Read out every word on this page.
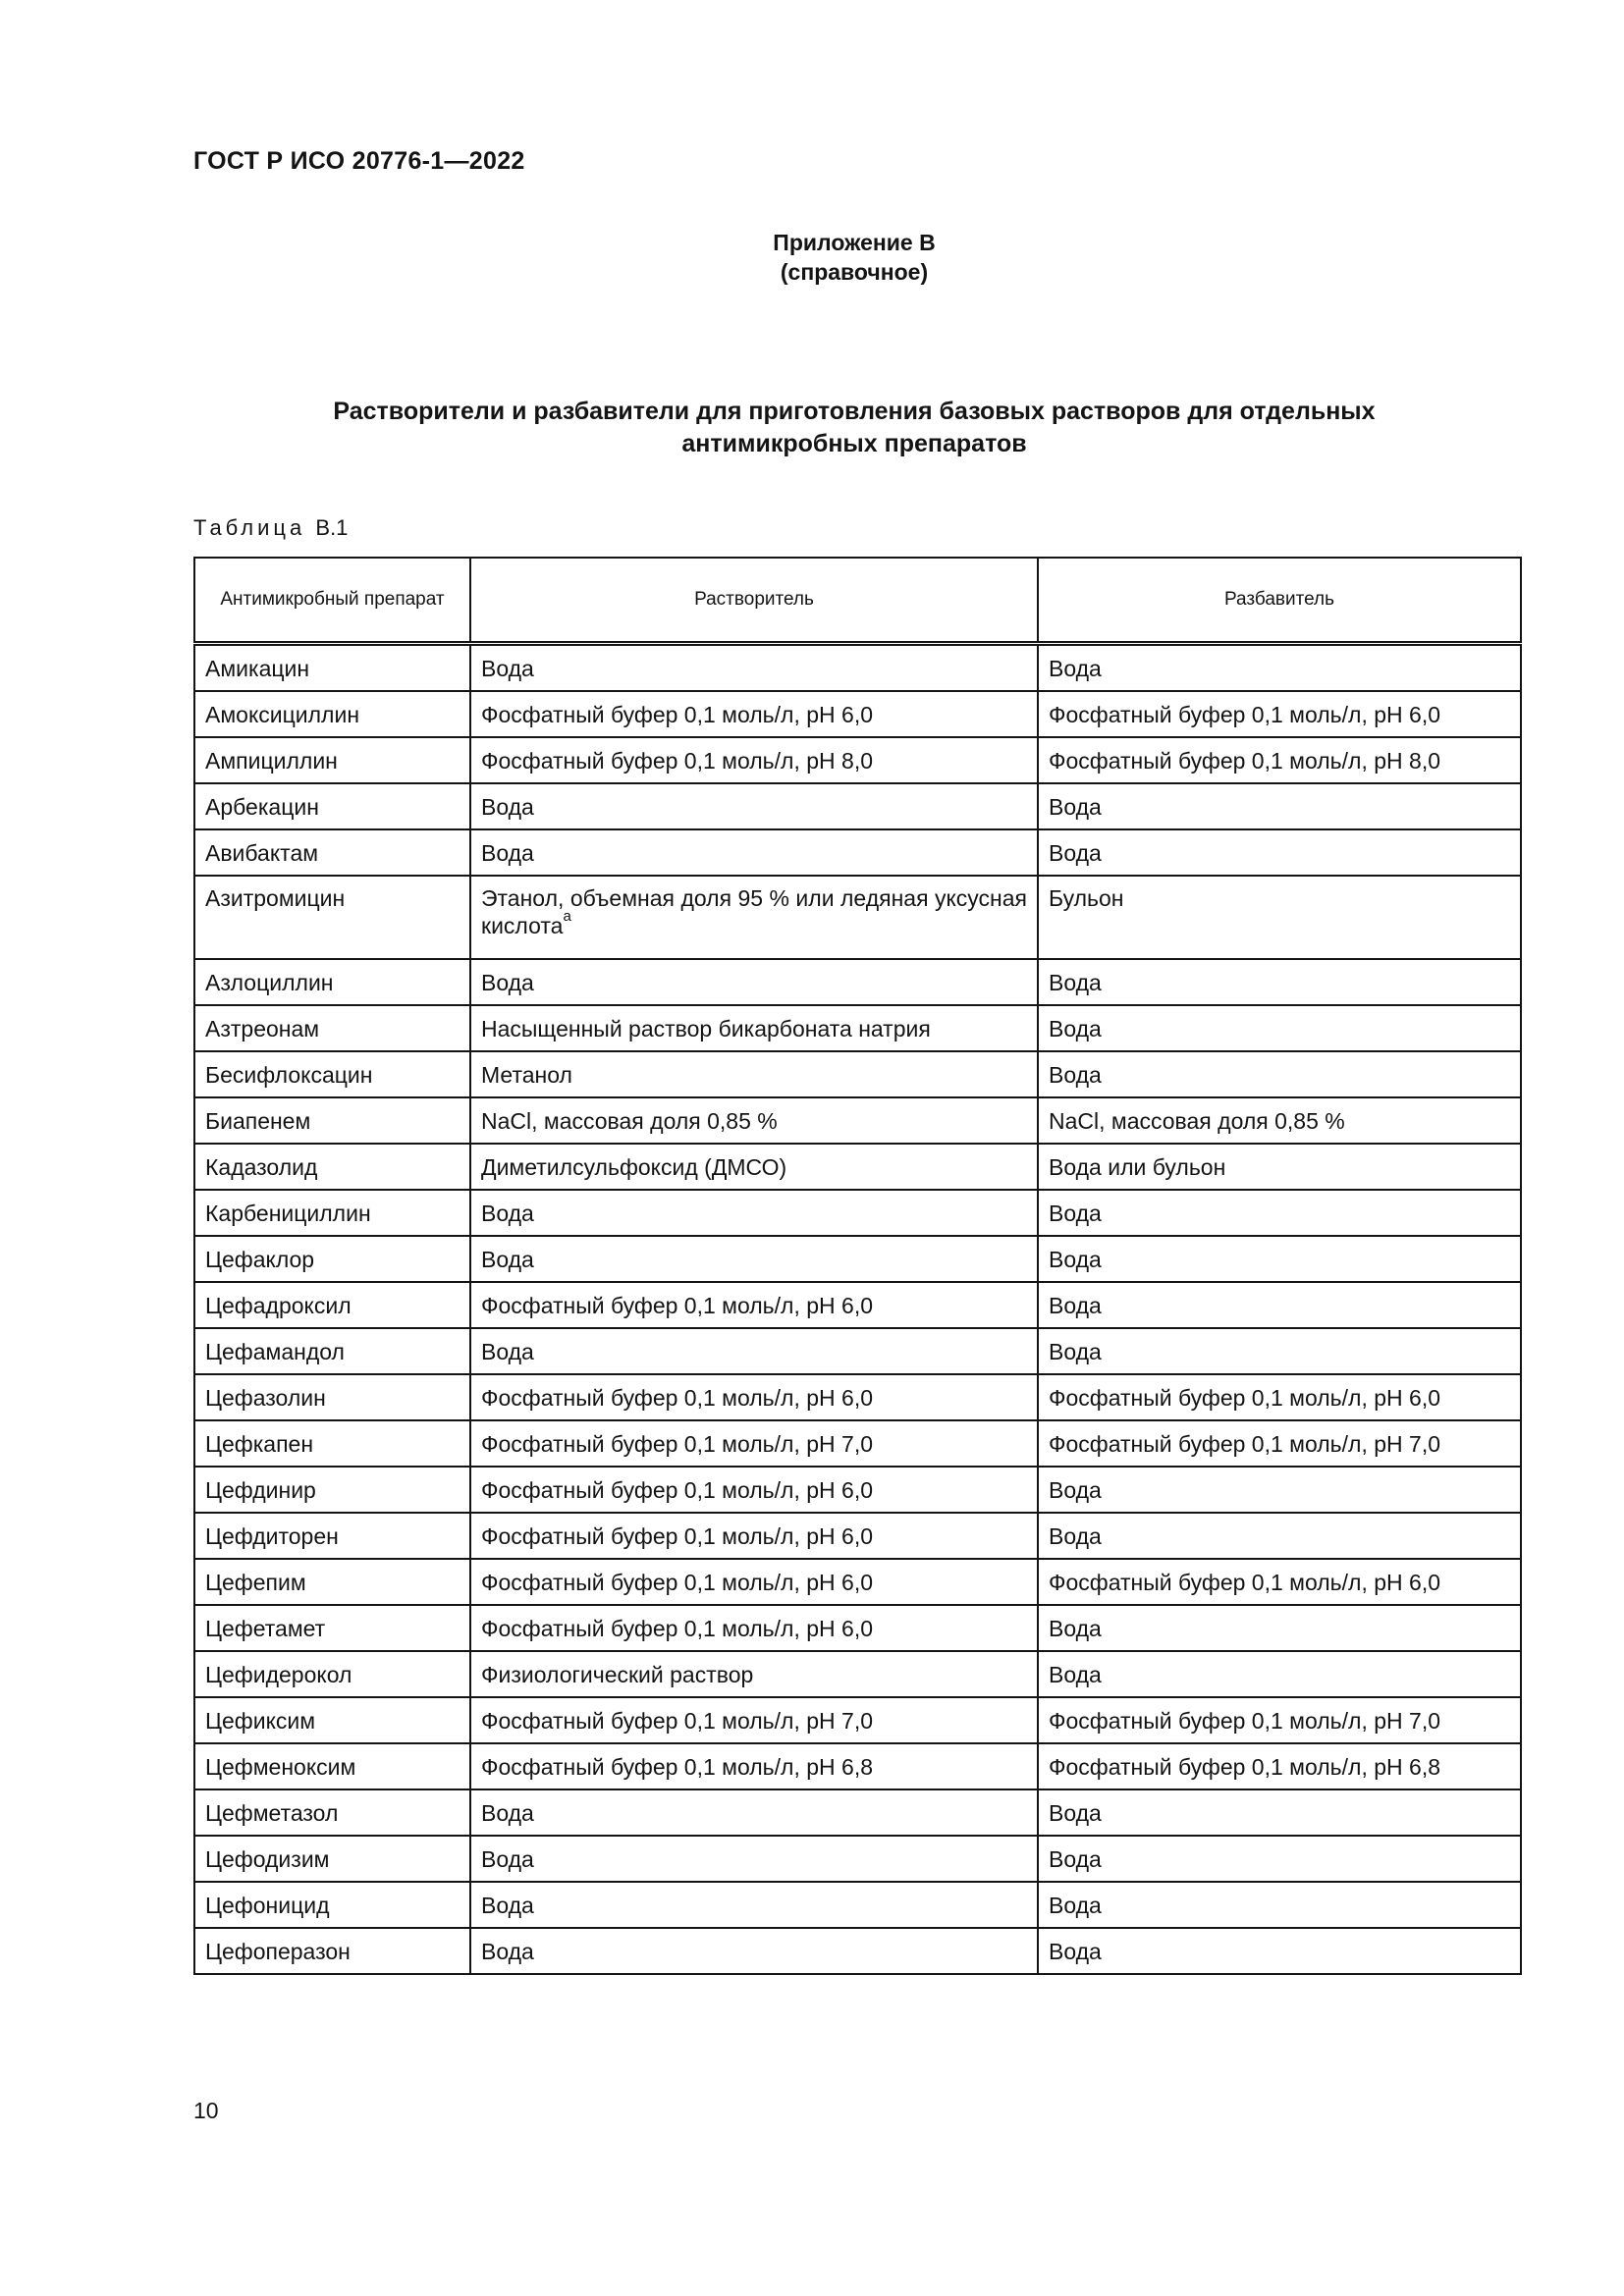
ГОСТ Р ИСО 20776-1—2022
Приложение В
(справочное)
Растворители и разбавители для приготовления базовых растворов для отдельных
антимикробных препаратов
Таблица В.1
Антимикробный препарат	Растворитель	Разбавитель
Амикацин	Вода	Вода
Амоксициллин	Фосфатный буфер 0,1 моль/л, pH 6,0	Фосфатный буфер 0,1 моль/л, pH 6,0
Ампициллин	Фосфатный буфер 0,1 моль/л, pH 8,0	Фосфатный буфер 0,1 моль/л, pH 8,0
Арбекацин	Вода	Вода
Авибактам	Вода	Вода
Азитромицин	Этанол, объемная доля 95 % или ледяная уксусная кислота$^a$	Бульон
Азлоциллин	Вода	Вода
Азтреонам	Насыщенный раствор бикарбоната натрия	Вода
Бесифлоксацин	Метанол	Вода
Биапенем	NaCl, массовая доля 0,85 %	NaCl, массовая доля 0,85 %
Кадазолид	Диметилсульфоксид (ДМСО)	Вода или бульон
Карбенициллин	Вода	Вода
Цефаклор	Вода	Вода
Цефадроксил	Фосфатный буфер 0,1 моль/л, pH 6,0	Вода
Цефамандол	Вода	Вода
Цефазолин	Фосфатный буфер 0,1 моль/л, pH 6,0	Фосфатный буфер 0,1 моль/л, pH 6,0
Цефкапен	Фосфатный буфер 0,1 моль/л, pH 7,0	Фосфатный буфер 0,1 моль/л, pH 7,0
Цефдинир	Фосфатный буфер 0,1 моль/л, pH 6,0	Вода
Цефдиторен	Фосфатный буфер 0,1 моль/л, pH 6,0	Вода
Цефепим	Фосфатный буфер 0,1 моль/л, pH 6,0	Фосфатный буфер 0,1 моль/л, pH 6,0
Цефетамет	Фосфатный буфер 0,1 моль/л, pH 6,0	Вода
Цефидерокол	Физиологический раствор	Вода
Цефиксим	Фосфатный буфер 0,1 моль/л, pH 7,0	Фосфатный буфер 0,1 моль/л, pH 7,0
Цефменоксим	Фосфатный буфер 0,1 моль/л, pH 6,8	Фосфатный буфер 0,1 моль/л, pH 6,8
Цефметазол	Вода	Вода
Цефодизим	Вода	Вода
Цефоницид	Вода	Вода
Цефоперазон	Вода	Вода
10
